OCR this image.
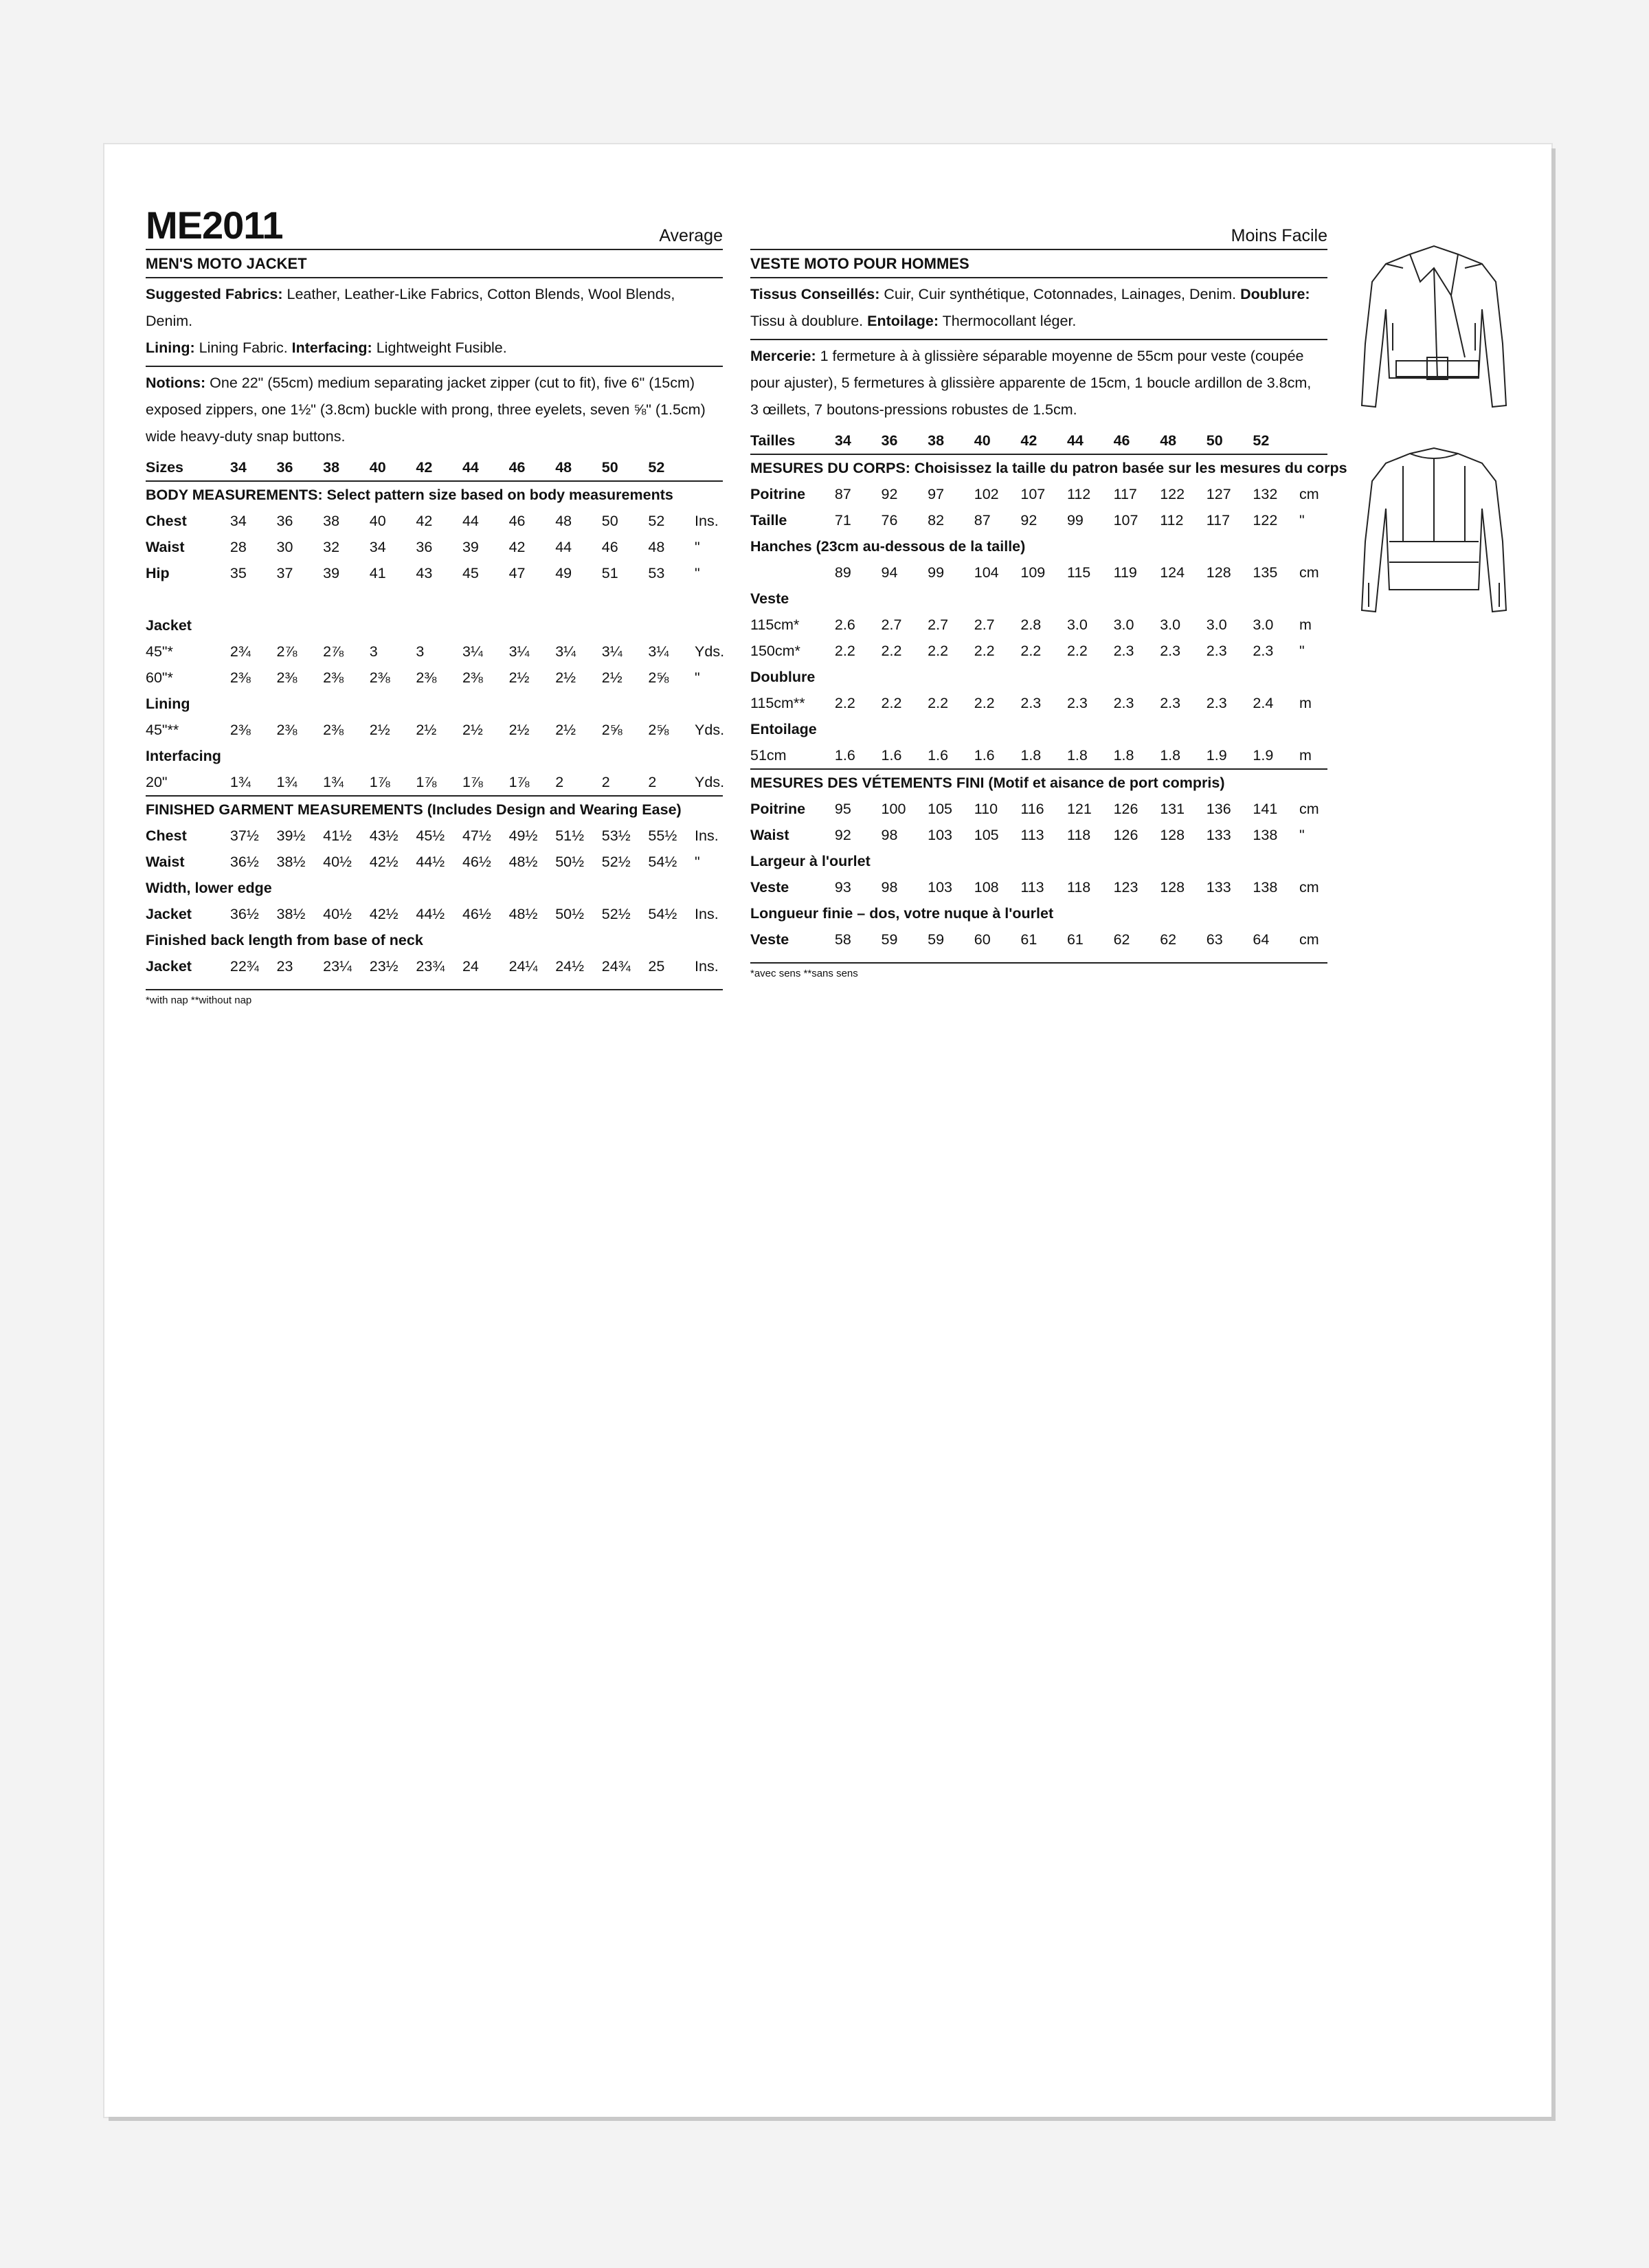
ME2011	Average
MEN'S MOTO JACKET
Suggested Fabrics: Leather, Leather-Like Fabrics, Cotton Blends, Wool Blends, Denim.
Lining: Lining Fabric. Interfacing: Lightweight Fusible.
Notions: One 22" (55cm) medium separating jacket zipper (cut to fit), five 6" (15cm) exposed zippers, one 1½" (3.8cm) buckle with prong, three eyelets, seven ⅝" (1.5cm) wide heavy-duty snap buttons.
Sizes	34	36	38	40	42	44	46	48	50	52	
BODY MEASUREMENTS: Select pattern size based on body measurements											
Chest	34	36	38	40	42	44	46	48	50	52	Ins.
Waist	28	30	32	34	36	39	42	44	46	48	"
Hip	35	37	39	41	43	45	47	49	51	53	"

Jacket											
45"*	2¾	2⅞	2⅞	3	3	3¼	3¼	3¼	3¼	3¼	Yds.
60"*	2⅜	2⅜	2⅜	2⅜	2⅜	2⅜	2½	2½	2½	2⅝	"
Lining											
45"**	2⅜	2⅜	2⅜	2½	2½	2½	2½	2½	2⅝	2⅝	Yds.
Interfacing											
20"	1¾	1¾	1¾	1⅞	1⅞	1⅞	1⅞	2	2	2	Yds.
FINISHED GARMENT MEASUREMENTS (Includes Design and Wearing Ease)											
Chest	37½	39½	41½	43½	45½	47½	49½	51½	53½	55½	Ins.
Waist	36½	38½	40½	42½	44½	46½	48½	50½	52½	54½	"
Width, lower edge											
Jacket	36½	38½	40½	42½	44½	46½	48½	50½	52½	54½	Ins.
Finished back length from base of neck											
Jacket	22¾	23	23¼	23½	23¾	24	24¼	24½	24¾	25	Ins.

*with nap **without nap
Moins Facile
VESTE MOTO POUR HOMMES
Tissus Conseillés: Cuir, Cuir synthétique, Cotonnades, Lainages, Denim. Doublure: Tissu à doublure. Entoilage: Thermocollant léger.
Mercerie: 1 fermeture à à glissière séparable moyenne de 55cm pour veste (coupée pour ajuster), 5 fermetures à glissière apparente de 15cm, 1 boucle ardillon de 3.8cm, 3 œillets, 7 boutons-pressions robustes de 1.5cm.
Tailles	34	36	38	40	42	44	46	48	50	52	
MESURES DU CORPS: Choisissez la taille du patron basée sur les mesures du corps											
Poitrine	87	92	97	102	107	112	117	122	127	132	cm
Taille	71	76	82	87	92	99	107	112	117	122	"
Hanches (23cm au-dessous de la taille)											
	89	94	99	104	109	115	119	124	128	135	cm
Veste											
115cm*	2.6	2.7	2.7	2.7	2.8	3.0	3.0	3.0	3.0	3.0	m
150cm*	2.2	2.2	2.2	2.2	2.2	2.2	2.3	2.3	2.3	2.3	"
Doublure											
115cm**	2.2	2.2	2.2	2.2	2.3	2.3	2.3	2.3	2.3	2.4	m
Entoilage											
51cm	1.6	1.6	1.6	1.6	1.8	1.8	1.8	1.8	1.9	1.9	m
MESURES DES VÉTEMENTS FINI (Motif et aisance de port compris)											
Poitrine	95	100	105	110	116	121	126	131	136	141	cm
Waist	92	98	103	105	113	118	126	128	133	138	"
Largeur à l'ourlet											
Veste	93	98	103	108	113	118	123	128	133	138	cm
Longueur finie – dos, votre nuque à l'ourlet											
Veste	58	59	59	60	61	61	62	62	63	64	cm

*avec sens **sans sens
